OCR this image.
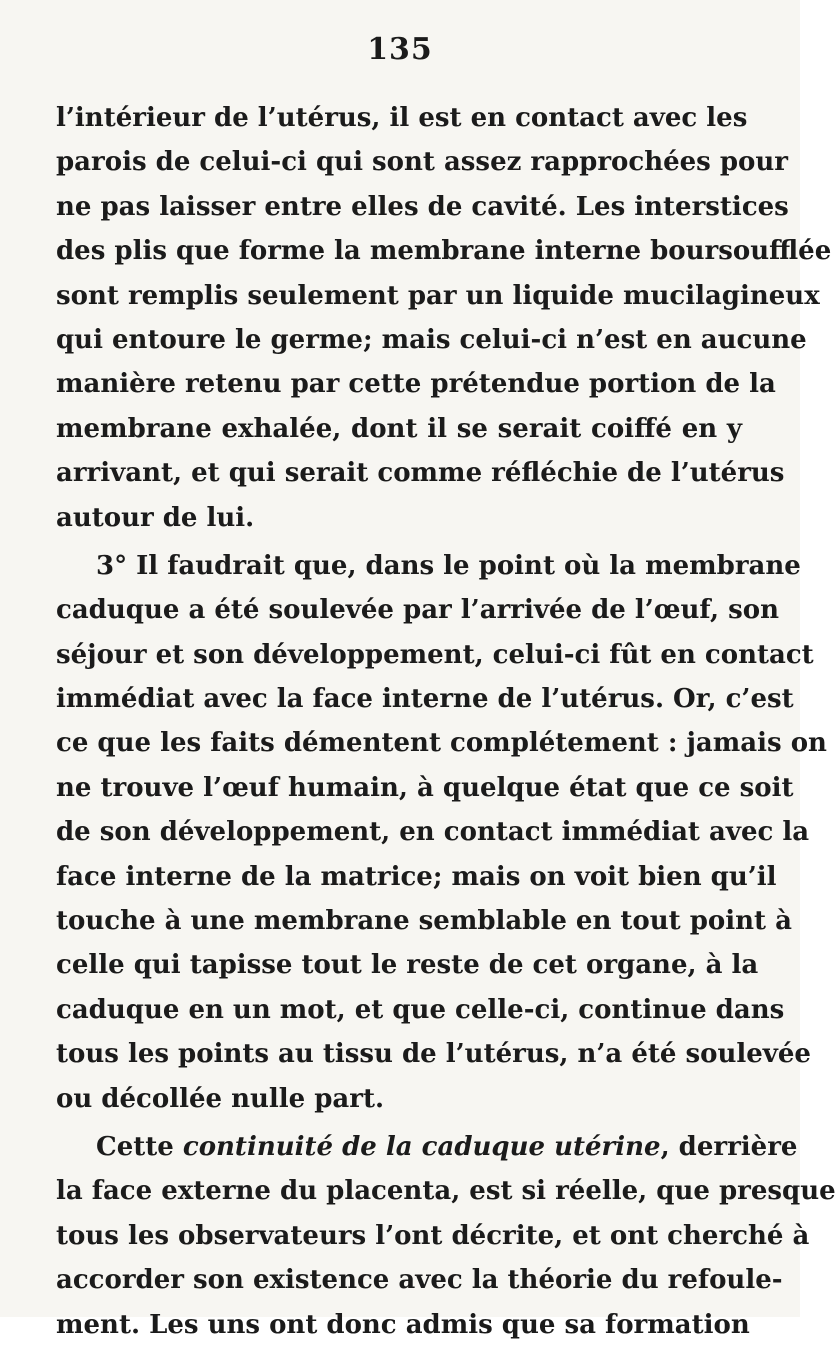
135
l’intérieur de l’utérus, il est en contact avec les
parois de celui-ci qui sont assez rapprochées pour
ne pas laisser entre elles de cavité. Les interstices
des plis que forme la membrane interne boursoufflée
sont remplis seulement par un liquide mucilagineux
qui entoure le germe; mais celui-ci n’est en aucune
manière retenu par cette prétendue portion de la
membrane exhalée, dont il se serait coiffé en y
arrivant, et qui serait comme réfléchie de l’utérus
autour de lui.
3° Il faudrait que, dans le point où la membrane
caduque a été soulevée par l’arrivée de l’œuf, son
séjour et son développement, celui-ci fût en contact
immédiat avec la face interne de l’utérus. Or, c’est
ce que les faits démentent complétement : jamais on
ne trouve l’œuf humain, à quelque état que ce soit
de son développement, en contact immédiat avec la
face interne de la matrice; mais on voit bien qu’il
touche à une membrane semblable en tout point à
celle qui tapisse tout le reste de cet organe, à la
caduque en un mot, et que celle-ci, continue dans
tous les points au tissu de l’utérus, n’a été soulevée
ou décollée nulle part.
Cette continuité de la caduque utérine, derrière
la face externe du placenta, est si réelle, que presque
tous les observateurs l’ont décrite, et ont cherché à
accorder son existence avec la théorie du refoule-
ment. Les uns ont donc admis que sa formation
